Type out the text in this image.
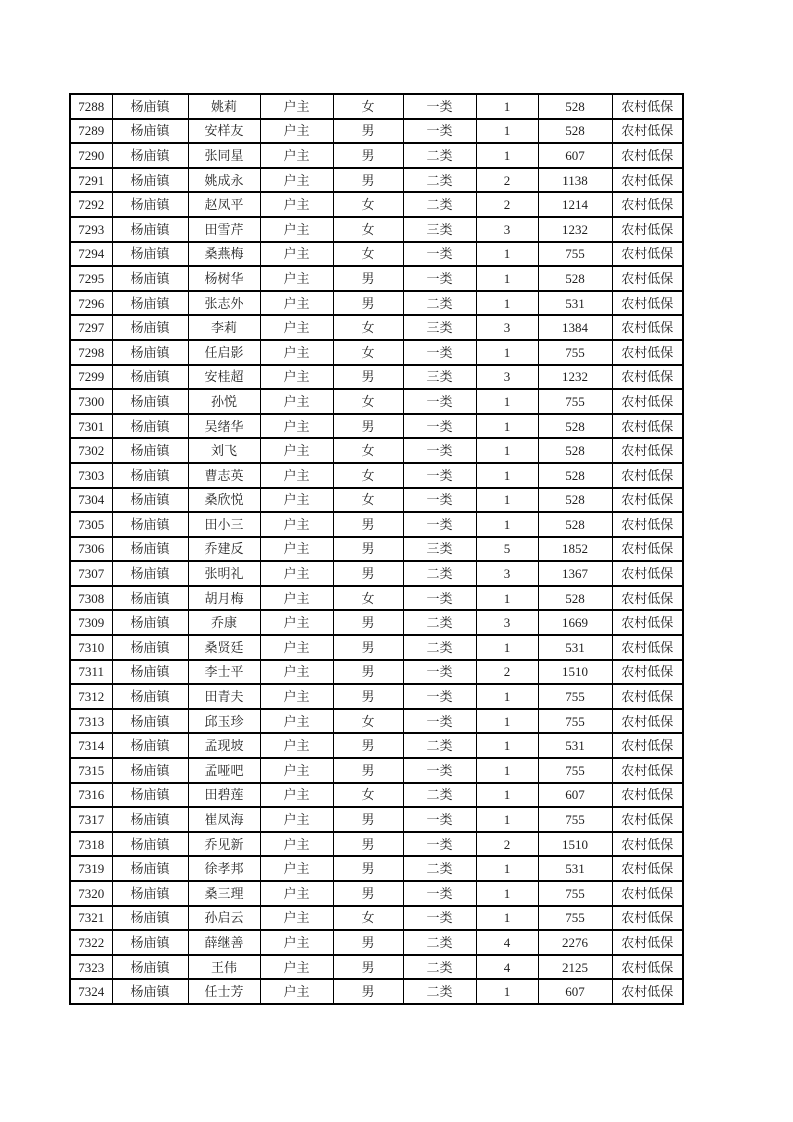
7288	杨庙镇	姚莉	户主	女	一类	1	528	农村低保
7289	杨庙镇	安样友	户主	男	一类	1	528	农村低保
7290	杨庙镇	张同星	户主	男	二类	1	607	农村低保
7291	杨庙镇	姚成永	户主	男	二类	2	1138	农村低保
7292	杨庙镇	赵凤平	户主	女	二类	2	1214	农村低保
7293	杨庙镇	田雪芹	户主	女	三类	3	1232	农村低保
7294	杨庙镇	桑燕梅	户主	女	一类	1	755	农村低保
7295	杨庙镇	杨树华	户主	男	一类	1	528	农村低保
7296	杨庙镇	张志外	户主	男	二类	1	531	农村低保
7297	杨庙镇	李莉	户主	女	三类	3	1384	农村低保
7298	杨庙镇	任启影	户主	女	一类	1	755	农村低保
7299	杨庙镇	安桂超	户主	男	三类	3	1232	农村低保
7300	杨庙镇	孙悦	户主	女	一类	1	755	农村低保
7301	杨庙镇	吴绪华	户主	男	一类	1	528	农村低保
7302	杨庙镇	刘飞	户主	女	一类	1	528	农村低保
7303	杨庙镇	曹志英	户主	女	一类	1	528	农村低保
7304	杨庙镇	桑欣悦	户主	女	一类	1	528	农村低保
7305	杨庙镇	田小三	户主	男	一类	1	528	农村低保
7306	杨庙镇	乔建反	户主	男	三类	5	1852	农村低保
7307	杨庙镇	张明礼	户主	男	二类	3	1367	农村低保
7308	杨庙镇	胡月梅	户主	女	一类	1	528	农村低保
7309	杨庙镇	乔康	户主	男	二类	3	1669	农村低保
7310	杨庙镇	桑贤廷	户主	男	二类	1	531	农村低保
7311	杨庙镇	李士平	户主	男	一类	2	1510	农村低保
7312	杨庙镇	田青夫	户主	男	一类	1	755	农村低保
7313	杨庙镇	邱玉珍	户主	女	一类	1	755	农村低保
7314	杨庙镇	孟现坡	户主	男	二类	1	531	农村低保
7315	杨庙镇	孟哑吧	户主	男	一类	1	755	农村低保
7316	杨庙镇	田碧莲	户主	女	二类	1	607	农村低保
7317	杨庙镇	崔凤海	户主	男	一类	1	755	农村低保
7318	杨庙镇	乔见新	户主	男	一类	2	1510	农村低保
7319	杨庙镇	徐孝邦	户主	男	二类	1	531	农村低保
7320	杨庙镇	桑三理	户主	男	一类	1	755	农村低保
7321	杨庙镇	孙启云	户主	女	一类	1	755	农村低保
7322	杨庙镇	薛继善	户主	男	二类	4	2276	农村低保
7323	杨庙镇	王伟	户主	男	二类	4	2125	农村低保
7324	杨庙镇	任士芳	户主	男	二类	1	607	农村低保
